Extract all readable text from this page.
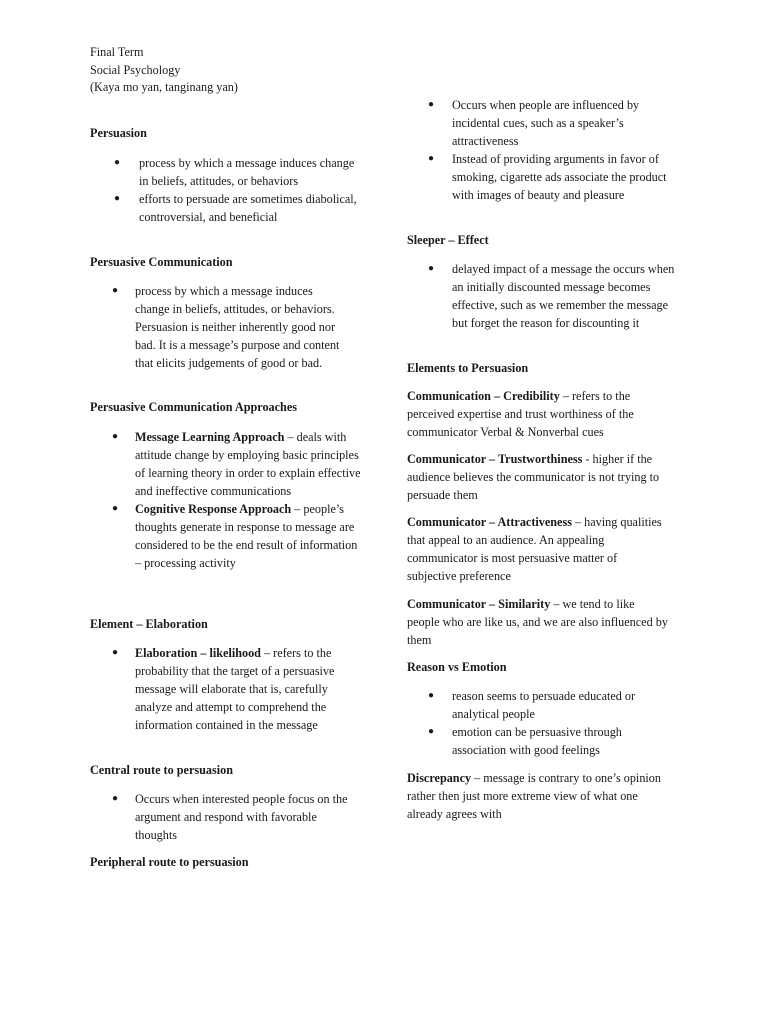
Final Term
Social Psychology
(Kaya mo yan, tanginang yan)
Persuasion
● process by which a message induces change in beliefs, attitudes, or behaviors
● efforts to persuade are sometimes diabolical, controversial, and beneficial
Persuasive Communication
● process by which a message induces change in beliefs, attitudes, or behaviors. Persuasion is neither inherently good nor bad. It is a message’s purpose and content that elicits judgements of good or bad.
Persuasive Communication Approaches
● Message Learning Approach – deals with attitude change by employing basic principles of learning theory in order to explain effective and ineffective communications
● Cognitive Response Approach – people’s thoughts generate in response to message are considered to be the end result of information – processing activity
Element – Elaboration
● Elaboration – likelihood – refers to the probability that the target of a persuasive message will elaborate that is, carefully analyze and attempt to comprehend the information contained in the message
Central route to persuasion
● Occurs when interested people focus on the argument and respond with favorable thoughts
Peripheral route to persuasion
● Occurs when people are influenced by incidental cues, such as a speaker’s attractiveness
● Instead of providing arguments in favor of smoking, cigarette ads associate the product with images of beauty and pleasure
Sleeper – Effect
● delayed impact of a message the occurs when an initially discounted message becomes effective, such as we remember the message but forget the reason for discounting it
Elements to Persuasion

Communication – Credibility – refers to the perceived expertise and trust worthiness of the communicator Verbal & Nonverbal cues

Communicator – Trustworthiness - higher if the audience believes the communicator is not trying to persuade them

Communicator – Attractiveness – having qualities that appeal to an audience. An appealing communicator is most persuasive matter of subjective preference

Communicator – Similarity – we tend to like people who are like us, and we are also influenced by them

Reason vs Emotion
● reason seems to persuade educated or analytical people
● emotion can be persuasive through association with good feelings

Discrepancy – message is contrary to one’s opinion rather then just more extreme view of what one already agrees with
